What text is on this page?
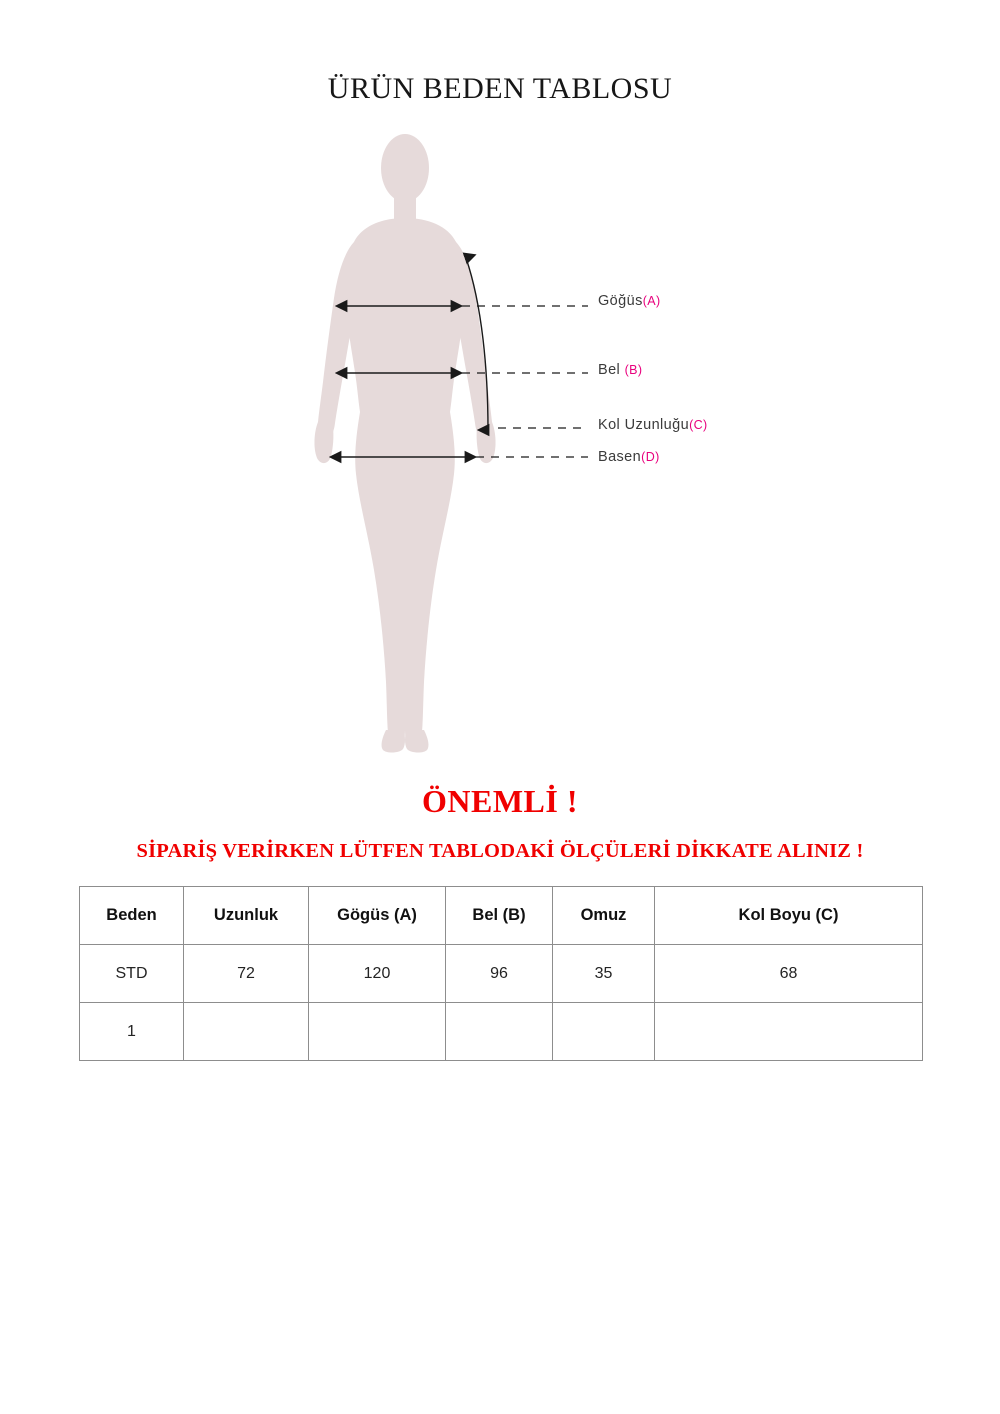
ÜRÜN BEDEN TABLOSU
Göğüs(A)
Bel (B)
Kol Uzunluğu(C)
Basen(D)
ÖNEMLİ !
SİPARİŞ VERİRKEN LÜTFEN TABLODAKİ ÖLÇÜLERİ DİKKATE ALINIZ !
Beden	Uzunluk	Gögüs (A)	Bel (B)	Omuz	Kol Boyu (C)
STD	72	120	96	35	68
1					
